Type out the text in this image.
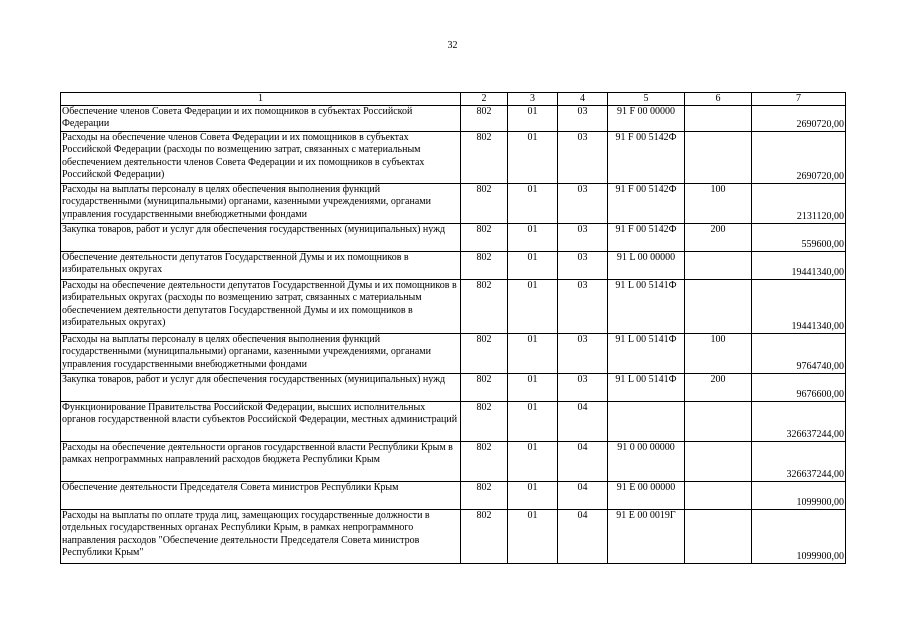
32
1	2	3	4	5	6	7
Обеспечение членов Совета Федерации и их помощников в субъектах Российской Федерации	802	01	03	91 F 00 00000		2690720,00
Расходы на обеспечение членов Совета Федерации и их помощников в субъектах Российской Федерации (расходы по возмещению затрат, связанных с материальным обеспечением деятельности членов Совета Федерации и их помощников в субъектах Российской Федерации)	802	01	03	91 F 00 5142Ф		2690720,00
Расходы на выплаты персоналу в целях обеспечения выполнения функций государственными (муниципальными) органами, казенными учреждениями, органами управления государственными внебюджетными фондами	802	01	03	91 F 00 5142Ф	100	2131120,00
Закупка товаров, работ и услуг для обеспечения государственных (муниципальных) нужд	802	01	03	91 F 00 5142Ф	200	559600,00
Обеспечение деятельности депутатов Государственной Думы и их помощников в избирательных округах	802	01	03	91 L 00 00000		19441340,00
Расходы на обеспечение деятельности депутатов Государственной Думы и их помощников в избирательных округах (расходы по возмещению затрат, связанных с материальным обеспечением деятельности депутатов Государственной Думы и их помощников в избирательных округах)	802	01	03	91 L 00 5141Ф		19441340,00
Расходы на выплаты персоналу в целях обеспечения выполнения функций государственными (муниципальными) органами, казенными учреждениями, органами управления государственными внебюджетными фондами	802	01	03	91 L 00 5141Ф	100	9764740,00
Закупка товаров, работ и услуг для обеспечения государственных (муниципальных) нужд	802	01	03	91 L 00 5141Ф	200	9676600,00
Функционирование Правительства Российской Федерации, высших исполнительных органов государственной власти субъектов Российской Федерации, местных администраций	802	01	04			326637244,00
Расходы на обеспечение деятельности органов государственной власти Республики Крым в рамках непрограммных направлений расходов бюджета Республики Крым	802	01	04	91 0 00 00000		326637244,00
Обеспечение деятельности Председателя Совета министров Республики Крым	802	01	04	91 Е 00 00000		1099900,00
Расходы на выплаты по оплате труда лиц, замещающих государственные должности в отдельных государственных органах Республики Крым, в рамках непрограммного направления расходов "Обеспечение деятельности Председателя Совета министров Республики Крым"	802	01	04	91 Е 00 0019Г		1099900,00
